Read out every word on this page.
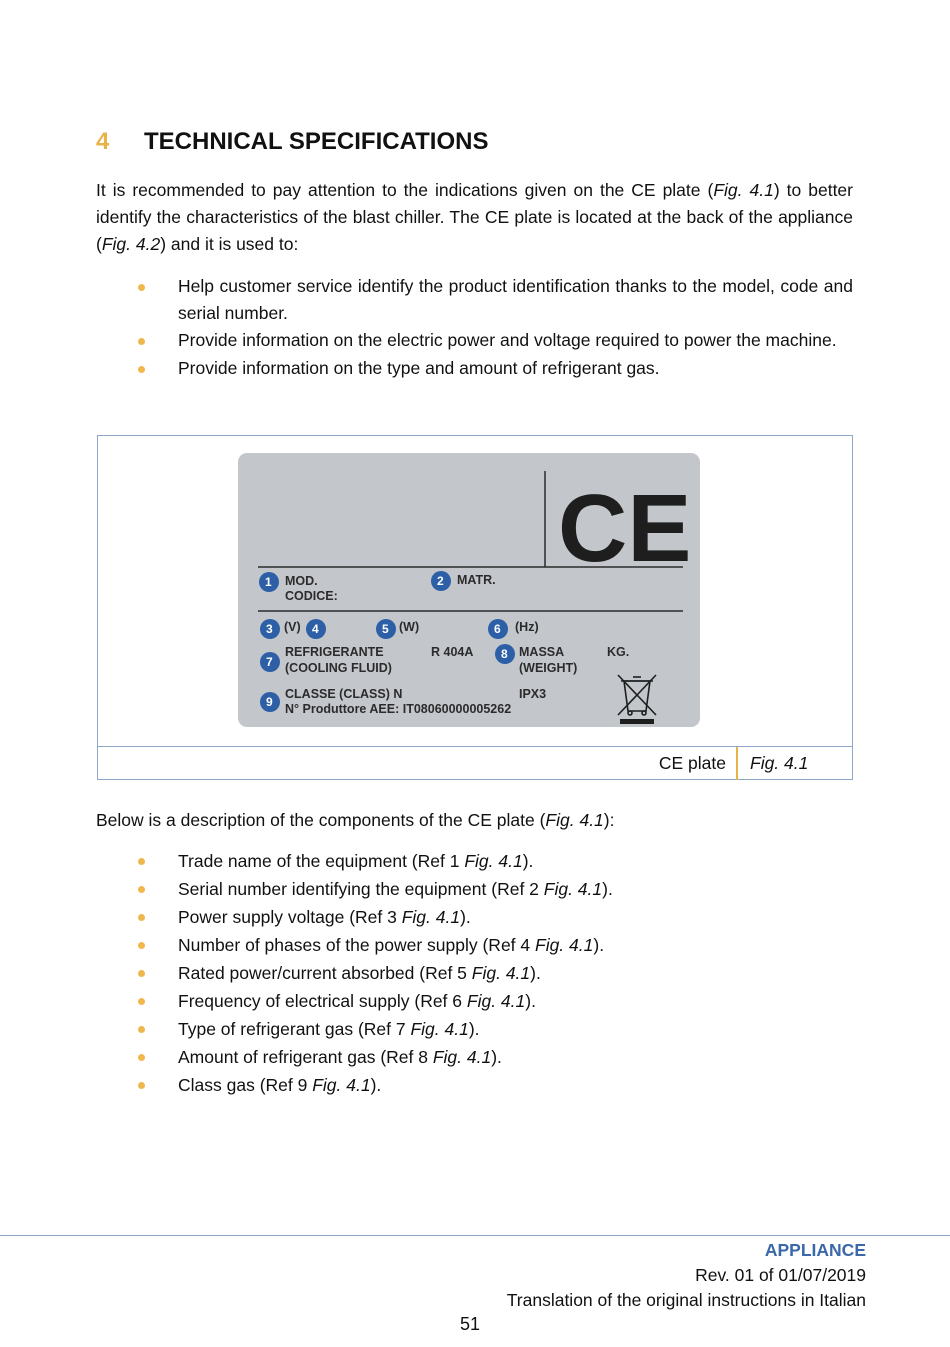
4 TECHNICAL SPECIFICATIONS
It is recommended to pay attention to the indications given on the CE plate (Fig. 4.1) to better identify the characteristics of the blast chiller. The CE plate is located at the back of the appliance (Fig. 4.2) and it is used to:
Help customer service identify the product identification thanks to the model, code and serial number.
Provide information on the electric power and voltage required to power the machine.
Provide information on the type and amount of refrigerant gas.
CE
1 MOD.
CODICE:
2 MATR.
3 (V) 4	5 (W)	6 (Hz)
7
REFRIGERANTE
(COOLING FLUID)
R 404A 8 MASSA
(WEIGHT)
KG.
9
CLASSE (CLASS) N
N° Produttore AEE: IT08060000005262
IPX3
CE plate Fig. 4.1
Below is a description of the components of the CE plate (Fig. 4.1):
Trade name of the equipment (Ref 1 Fig. 4.1).
Serial number identifying the equipment (Ref 2 Fig. 4.1).
Power supply voltage (Ref 3 Fig. 4.1).
Number of phases of the power supply (Ref 4 Fig. 4.1).
Rated power/current absorbed (Ref 5 Fig. 4.1).
Frequency of electrical supply (Ref 6 Fig. 4.1).
Type of refrigerant gas (Ref 7 Fig. 4.1).
Amount of refrigerant gas (Ref 8 Fig. 4.1).
Class gas (Ref 9 Fig. 4.1).
APPLIANCE
Rev. 01 of 01/07/2019
Translation of the original instructions in Italian
51
